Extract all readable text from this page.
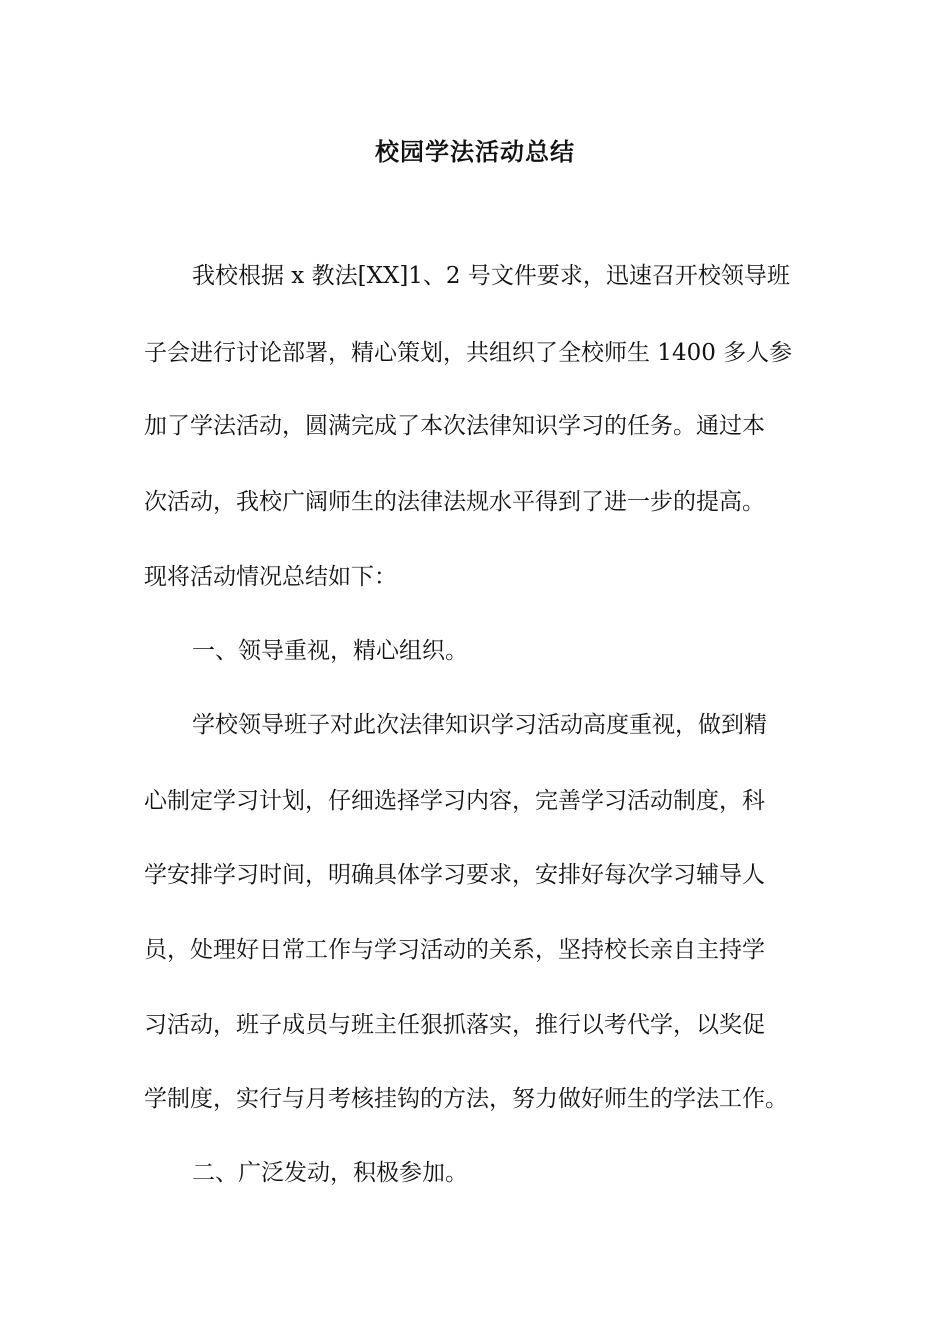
校园学法活动总结

我校根据 x 教法[XX]1、2 号文件要求，迅速召开校领导班

子会进行讨论部署，精心策划，共组织了全校师生 1400 多人参

加了学法活动，圆满完成了本次法律知识学习的任务。通过本

次活动，我校广阔师生的法律法规水平得到了进一步的提高。

现将活动情况总结如下：

一、领导重视，精心组织。

学校领导班子对此次法律知识学习活动高度重视，做到精

心制定学习计划，仔细选择学习内容，完善学习活动制度，科

学安排学习时间，明确具体学习要求，安排好每次学习辅导人

员，处理好日常工作与学习活动的关系，坚持校长亲自主持学

习活动，班子成员与班主任狠抓落实，推行以考代学，以奖促

学制度，实行与月考核挂钩的方法，努力做好师生的学法工作。

二、广泛发动，积极参加。
